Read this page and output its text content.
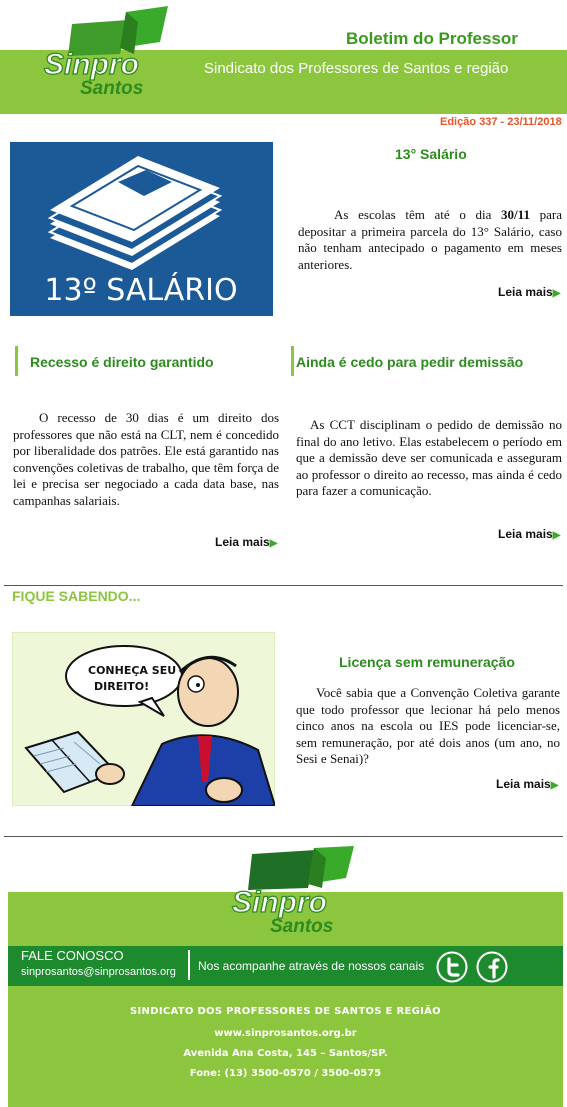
Sinpro
Santos
Boletim do Professor
Sindicato dos Professores de Santos e região
Edição 337 - 23/11/2018
13º SALÁRIO
13° Salário
As escolas têm até o dia 30/11 para depositar a primeira parcela do 13° Salário, caso não tenham antecipado o pagamento em meses anteriores.
Leia mais▶
Recesso é direito garantido
O recesso de 30 dias é um direito dos professores que não está na CLT, nem é concedido por liberalidade dos patrões. Ele está garantido nas convenções coletivas de trabalho, que têm força de lei e precisa ser negociado a cada data base, nas campanhas salariais.
Leia mais▶
Ainda é cedo para pedir demissão
As CCT disciplinam o pedido de demissão no final do ano letivo. Elas estabelecem o período em que a demissão deve ser comunicada e asseguram ao professor o direito ao recesso, mas ainda é cedo para fazer a comunicação.
Leia mais▶
FIQUE SABENDO...
CONHEÇA SEU DIREITO!
Licença sem remuneração
Você sabia que a Convenção Coletiva garante que todo professor que lecionar há pelo menos cinco anos na escola ou IES pode licenciar-se, sem remuneração, por até dois anos (um ano, no Sesi e Senai)?
Leia mais▶
Sinpro
Santos
FALE CONOSCO
sinprosantos@sinprosantos.org Nos acompanhe através de nossos canais
SINDICATO DOS PROFESSORES DE SANTOS E REGIÃO
www.sinprosantos.org.br
Avenida Ana Costa, 145 – Santos/SP.
Fone: (13) 3500-0570 / 3500-0575
